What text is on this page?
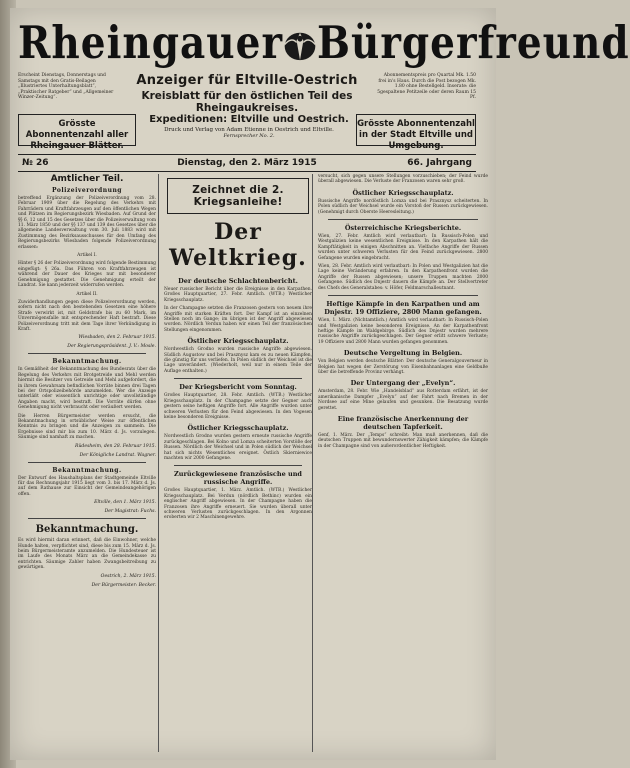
Rheingauer Bürgerfreund
Erscheint Dienstags, Donnerstags und Samstags mit den Gratis-Beilagen „Illustriertes Unterhaltungsblatt“, „Praktischer Ratgeber“ und „Allgemeiner Winzer-Zeitung“.
Anzeiger für Eltville-Oestrich
Kreisblatt für den östlichen Teil des Rheingaukreises.
Abonnementspreis pro Quartal Mk. 1.50 frei in's Haus. Durch die Post bezogen Mk. 1.80 ohne Bestellgeld. Inserate: die 5gespaltene Petitzeile oder deren Raum 15 Pf.
Grösste Abonnentenzahl aller Rheingauer Blätter.
Expeditionen: Eltville und Oestrich.
Druck und Verlag von Adam Etienne in Oestrich und Eltville.
Fernsprecher No. 2.
Grösste Abonnentenzahl in der Stadt Eltville und Umgebung.
№ 26	Dienstag, den 2. März 1915	66. Jahrgang
Amtlicher Teil.
Polizeiverordnung

betreffend Ergänzung der Polizeiverordnung vom 28. Februar 1909 über die Regelung des Verkehrs mit Fahrrädern und Kraftfahrzeugen auf den öffentlichen Wegen und Plätzen im Regierungsbezirk Wiesbaden. Auf Grund der §§ 6, 12 und 15 des Gesetzes über die Polizeiverwaltung vom 11. März 1850 und der §§ 137 und 139 des Gesetzes über die allgemeine Landesverwaltung vom 30. Juli 1883 wird mit Zustimmung des Bezirksausschusses für den Umfang des Regierungsbezirks Wiesbaden folgende Polizeiverordnung erlassen:

Artikel I.

Hinter § 26 der Polizeiverordnung wird folgende Bestimmung eingefügt: § 26a. Das Führen von Kraftfahrzeugen ist während der Dauer des Krieges nur mit besonderer Genehmigung gestattet. Die Genehmigung erteilt der Landrat. Sie kann jederzeit widerrufen werden.

Artikel II.

Zuwiderhandlungen gegen diese Polizeiverordnung werden, sofern nicht nach den bestehenden Gesetzen eine höhere Strafe verwirkt ist, mit Geldstrafe bis zu 60 Mark, im Unvermögensfalle mit entsprechender Haft bestraft. Diese Polizeiverordnung tritt mit dem Tage ihrer Verkündigung in Kraft.

Wiesbaden, den 2. Februar 1915.
Der Regierungspräsident. J. V.: Mosle.
Bekanntmachung.

In Gemäßheit der Bekanntmachung des Bundesrats über die Regelung des Verkehrs mit Brotgetreide und Mehl werden hiermit die Besitzer von Getreide und Mehl aufgefordert, die in ihrem Gewahrsam befindlichen Vorräte binnen drei Tagen bei der Ortspolizeibehörde anzumelden. Wer die Anzeige unterläßt oder wissentlich unrichtige oder unvollständige Angaben macht, wird bestraft. Die Vorräte dürfen ohne Genehmigung nicht verbraucht oder veräußert werden.

Die Herren Bürgermeister werden ersucht, die Bekanntmachung in ortsüblicher Weise zur öffentlichen Kenntnis zu bringen und die Anzeigen zu sammeln. Die Ergebnisse sind mir bis zum 10. März d. Js. vorzulegen. Säumige sind namhaft zu machen.

Rüdesheim, den 28. Februar 1915.
Der Königliche Landrat. Wagner.
Bekanntmachung.

Der Entwurf des Haushaltsplans der Stadtgemeinde Eltville für das Rechnungsjahr 1915 liegt vom 3. bis 17. März d. Js. auf dem Rathause zur Einsicht der Gemeindeangehörigen offen.

Eltville, den 1. März 1915.
Der Magistrat: Fuchs.
Bekanntmachung.

Es wird hiermit daran erinnert, daß die Einwohner, welche Hunde halten, verpflichtet sind, diese bis zum 15. März d. Js. beim Bürgermeisteramte anzumelden. Die Hundesteuer ist im Laufe des Monats März an die Gemeindekasse zu entrichten. Säumige Zahler haben Zwangsbeitreibung zu gewärtigen.

Oestrich, 2. März 1915.
Der Bürgermeister: Becker.
Zeichnet die 2. Kriegsanleihe!
Der Weltkrieg.
Der deutsche Schlachtenbericht.

Neuer russischer Bericht über die Ereignisse in den Karpathen. Großes Hauptquartier, 27. Febr. Amtlich. (WTB.) Westlicher Kriegsschauplatz.

In der Champagne setzten die Franzosen gestern von neuem ihre Angriffe mit starken Kräften fort. Der Kampf ist an einzelnen Stellen noch im Gange; im übrigen ist der Angriff abgewiesen worden. Nördlich Verdun haben wir einen Teil der französischen Stellungen eingenommen.

Östlicher Kriegsschauplatz.

Nordwestlich Grodno wurden russische Angriffe abgewiesen. Südlich Augustow und bei Prasznysz kam es zu neuen Kämpfen, die günstig für uns verliefen. In Polen südlich der Weichsel ist die Lage unverändert. (Wiederholt, weil nur in einem Teile der Auflage enthalten.)

Der Kriegsbericht vom Sonntag.

Großes Hauptquartier, 28. Febr. Amtlich. (WTB.) Westlicher Kriegsschauplatz. In der Champagne setzte der Gegner auch gestern seine heftigen Angriffe fort. Alle Angriffe wurden unter schweren Verlusten für den Feind abgewiesen. In den Vogesen keine besonderen Ereignisse.

Östlicher Kriegsschauplatz.

Nordwestlich Grodno wurden gestern erneute russische Angriffe zurückgeschlagen. Bei Kolno und Lomza scheiterten Vorstöße der Russen. Nördlich der Weichsel und in Polen südlich der Weichsel hat sich nichts Wesentliches ereignet. Östlich Skierniewice machten wir 2000 Gefangene.

Zurückgewiesene französische und russische Angriffe.

Großes Hauptquartier, 1. März. Amtlich. (WTB.) Westlicher Kriegsschauplatz. Bei Verdun (nördlich Bethinc) wurden ein englischer Angriff abgewiesen. In der Champagne haben die Franzosen ihre Angriffe erneuert. Sie wurden überall unter schweren Verlusten zurückgeschlagen. In den Argonnen eroberten wir 2 Maschinengewehre.

versucht, sich gegen unsere Stellungen vorzuschieben; der Feind wurde überall abgewiesen. Die Verluste der Franzosen waren sehr groß.

Östlicher Kriegsschauplatz.

Russische Angriffe nordöstlich Lomza und bei Prasznysz scheiterten. In Polen südlich der Weichsel wurde ein Vorstoß der Russen zurückgewiesen. (Genehmigt durch Oberste Heeresleitung.)

Österreichische Kriegsberichte.

Wien, 27. Febr. Amtlich wird verlautbart: In Russisch-Polen und Westgalizien keine wesentlichen Ereignisse. In den Karpathen hält die Kampftätigkeit in einigen Abschnitten an. Vielfache Angriffe der Russen wurden unter schweren Verlusten für den Feind zurückgewiesen. 2800 Gefangene wurden eingebracht.

Wien, 28. Febr. Amtlich wird verlautbart: In Polen und Westgalizien hat die Lage keine Veränderung erfahren. In den Karpathenfront wurden die Angriffe der Russen abgewiesen; unsere Truppen machten 2000 Gefangene. Südlich des Dnjestr dauern die Kämpfe an. Der Stellvertreter des Chefs des Generalstabes: v. Höfer, Feldmarschalleutnant.

Heftige Kämpfe in den Karpathen und am Dnjestr. 19 Offiziere, 2800 Mann gefangen.

Wien, 1. März. (Nichtamtlich.) Amtlich wird verlautbart: In Russisch-Polen und Westgalizien keine besonderen Ereignisse. An der Karpathenfront heftige Kämpfe im Waldgebirge. Südlich des Dnjestr wurden mehrere russische Angriffe zurückgeschlagen. Der Gegner erlitt schwere Verluste; 19 Offiziere und 2800 Mann wurden gefangen genommen.

Deutsche Vergeltung in Belgien.

Von Belgien werden deutsche Blätter: Der deutsche Generalgouverneur in Belgien hat wegen der Zerstörung von Eisenbahnanlagen eine Geldbuße über die betreffende Provinz verhängt.

Der Untergang der „Evelyn“.

Amsterdam, 28. Febr. Wie „Handelsblad“ aus Rotterdam erfährt, ist der amerikanische Dampfer „Evelyn“ auf der Fahrt nach Bremen in der Nordsee auf eine Mine gelaufen und gesunken. Die Besatzung wurde gerettet.

Eine französische Anerkennung der deutschen Tapferkeit.

Genf, 1. März. Der „Temps“ schreibt: Man muß anerkennen, daß die deutschen Truppen mit bewundernswerter Zähigkeit kämpfen; die Kämpfe in der Champagne sind von außerordentlicher Heftigkeit.
